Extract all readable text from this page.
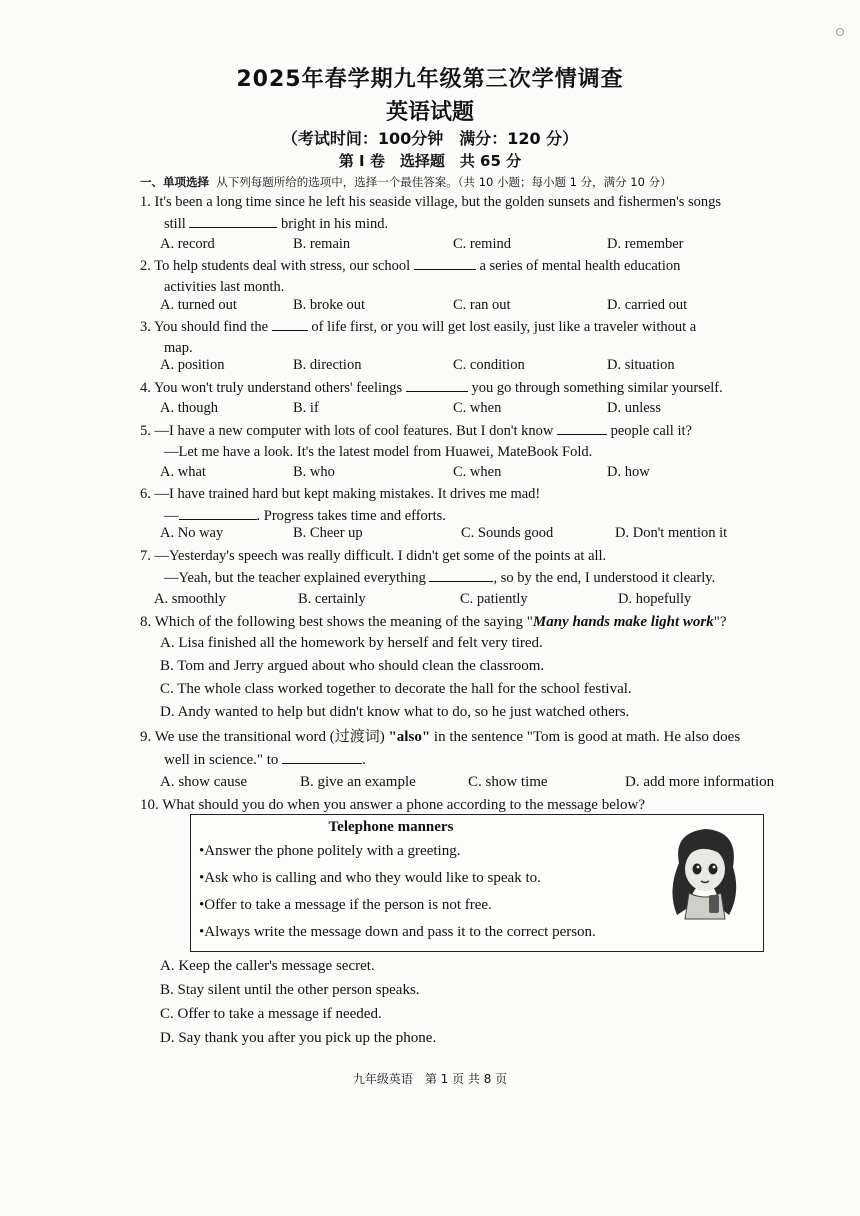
2025年春学期九年级第三次学情调查
英语试题
（考试时间：100分钟　满分：120 分）
第 I 卷　选择题　共 65 分
一、单项选择 从下列每题所给的选项中，选择一个最佳答案。（共 10 小题；每小题 1 分，满分 10 分）
1. It's been a long time since he left his seaside village, but the golden sunsets and fishermen's songs
still	bright in his mind.
A. record	B. remain	C. remind	D. remember
2. To help students deal with stress, our school	a series of mental health education
activities last month.
A. turned out	B. broke out	C. ran out	D. carried out
3. You should find the	of life first, or you will get lost easily, just like a traveler without a
map.
A. position	B. direction	C. condition	D. situation
4. You won't truly understand others' feelings	you go through something similar yourself.
A. though	B. if	C. when	D. unless
5. —I have a new computer with lots of cool features. But I don't know	people call it?
—Let me have a look. It's the latest model from Huawei, MateBook Fold.
A. what	B. who	C. when	D. how
6. —I have trained hard but kept making mistakes. It drives me mad!
—	. Progress takes time and efforts.
A. No way	B. Cheer up	C. Sounds good	D. Don't mention it
7. —Yesterday's speech was really difficult. I didn't get some of the points at all.
—Yeah, but the teacher explained everything	, so by the end, I understood it clearly.
A. smoothly	B. certainly	C. patiently	D. hopefully
8. Which of the following best shows the meaning of the saying "Many hands make light work"?
A. Lisa finished all the homework by herself and felt very tired.
B. Tom and Jerry argued about who should clean the classroom.
C. The whole class worked together to decorate the hall for the school festival.
D. Andy wanted to help but didn't know what to do, so he just watched others.
9. We use the transitional word (过渡词) "also" in the sentence "Tom is good at math. He also does
well in science." to	.
A. show cause	B. give an example	C. show time	D. add more information
10. What should you do when you answer a phone according to the message below?
Telephone manners
•Answer the phone politely with a greeting.
•Ask who is calling and who they would like to speak to.
•Offer to take a message if the person is not free.
•Always write the message down and pass it to the correct person.
A. Keep the caller's message secret.
B. Stay silent until the other person speaks.
C. Offer to take a message if needed.
D. Say thank you after you pick up the phone.
九年级英语　第 1 页 共 8 页
